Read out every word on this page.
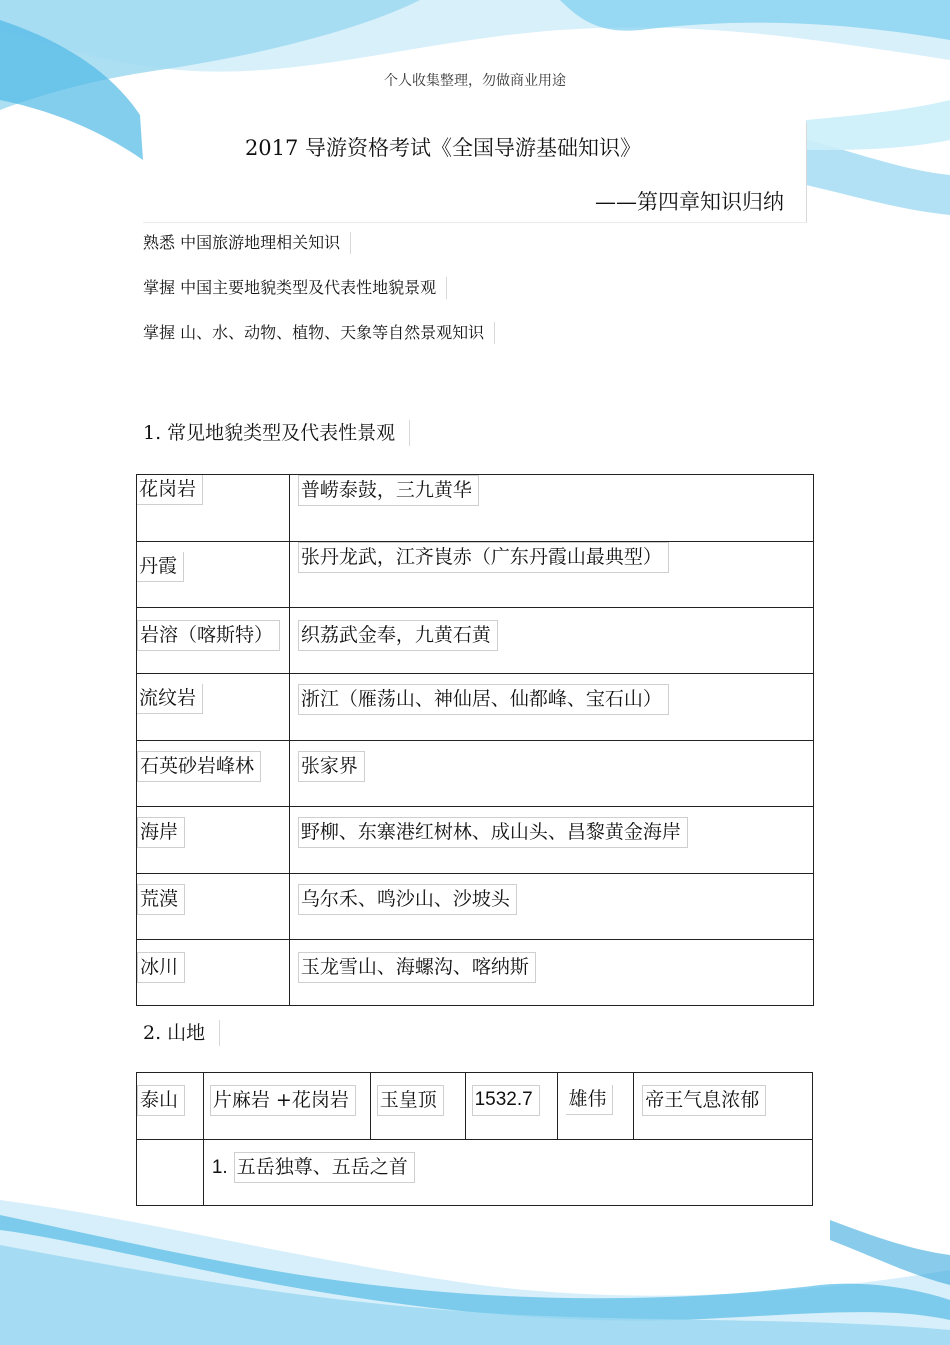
个人收集整理，勿做商业用途
2017 导游资格考试《全国导游基础知识》
——第四章知识归纳
熟悉 中国旅游地理相关知识
掌握 中国主要地貌类型及代表性地貌景观
掌握 山、水、动物、植物、天象等自然景观知识
1. 常见地貌类型及代表性景观
花岗岩	普崂泰鼓，三九黄华
丹霞	张丹龙武，江齐崀赤（广东丹霞山最典型）
岩溶（喀斯特）	织荔武金奉，九黄石黄
流纹岩	浙江（雁荡山、神仙居、仙都峰、宝石山）
石英砂岩峰林	张家界
海岸	野柳、东寨港红树林、成山头、昌黎黄金海岸
荒漠	乌尔禾、鸣沙山、沙坡头
冰川	玉龙雪山、海螺沟、喀纳斯
2. 山地
泰山	片麻岩 +花岗岩	玉皇顶	1532.7	雄伟	帝王气息浓郁
	1. 五岳独尊、五岳之首				
